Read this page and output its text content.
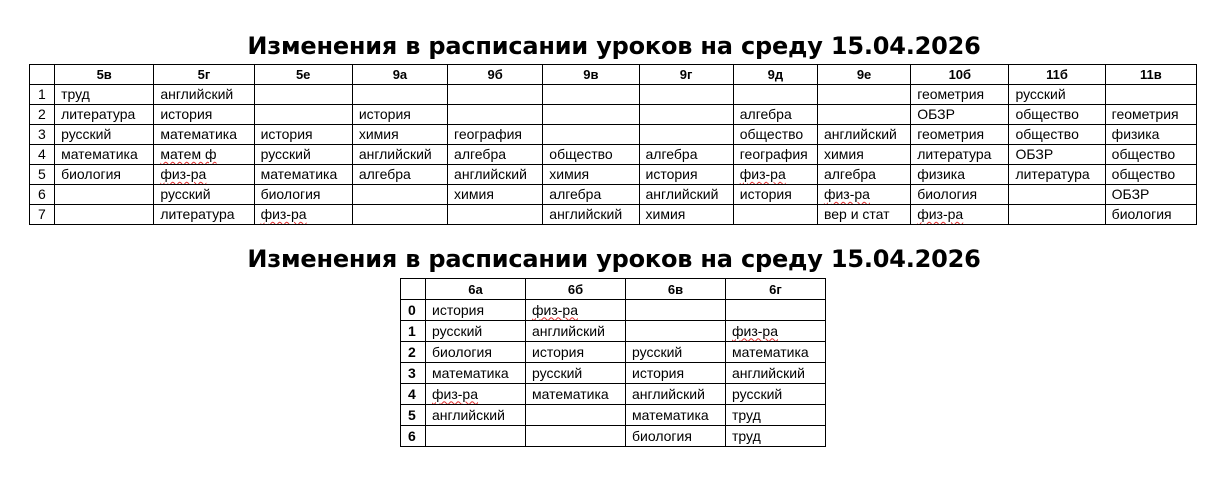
Изменения в расписании уроков на среду 15.04.2026
	5в	5г	5е	9а	9б	9в	9г	9д	9е	10б	11б	11в
1	труд	английский								геометрия	русский	
2	литература	история		история				алгебра		ОБЗР	общество	геометрия
3	русский	математика	история	химия	география			общество	английский	геометрия	общество	физика
4	математика	матем ф	русский	английский	алгебра	общество	алгебра	география	химия	литература	ОБЗР	общество
5	биология	физ-ра	математика	алгебра	английский	химия	история	физ-ра	алгебра	физика	литература	общество
6		русский	биология		химия	алгебра	английский	история	физ-ра	биология		ОБЗР
7		литература	физ-ра			английский	химия		вер и стат	физ-ра		биология
Изменения в расписании уроков на среду 15.04.2026
	6а	6б	6в	6г
0	история	физ-ра		
1	русский	английский		физ-ра
2	биология	история	русский	математика
3	математика	русский	история	английский
4	физ-ра	математика	английский	русский
5	английский		математика	труд
6			биология	труд
